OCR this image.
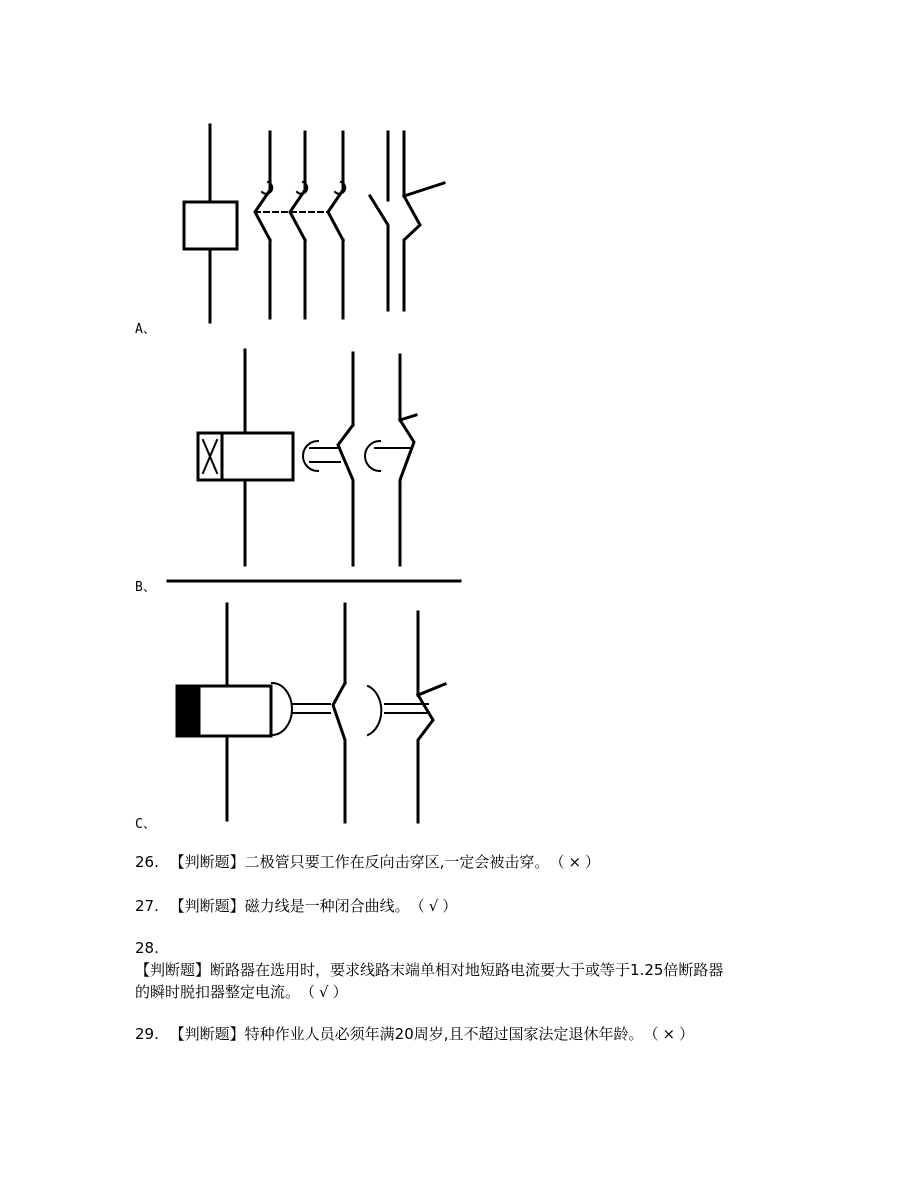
A、
B、
C、
26. 【判断题】二极管只要工作在反向击穿区,一定会被击穿。（ × ）
27. 【判断题】磁力线是一种闭合曲线。（ √ ）
28.
【判断题】断路器在选用时，要求线路末端单相对地短路电流要大于或等于1.25倍断路器
的瞬时脱扣器整定电流。（ √ ）
29. 【判断题】特种作业人员必须年满20周岁,且不超过国家法定退休年龄。（ × ）
